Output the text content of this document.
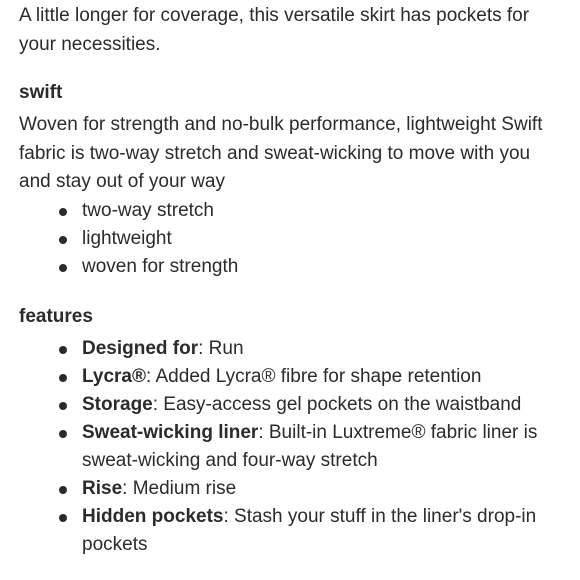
A little longer for coverage, this versatile skirt has pockets for your necessities.

swift

Woven for strength and no-bulk performance, lightweight Swift fabric is two-way stretch and sweat-wicking to move with you and stay out of your way

two-way stretch
lightweight
woven for strength
features
Designed for: Run
Lycra®: Added Lycra® fibre for shape retention
Storage: Easy-access gel pockets on the waistband
Sweat-wicking liner: Built-in Luxtreme® fabric liner is sweat-wicking and four-way stretch
Rise: Medium rise
Hidden pockets: Stash your stuff in the liner's drop-in pockets
